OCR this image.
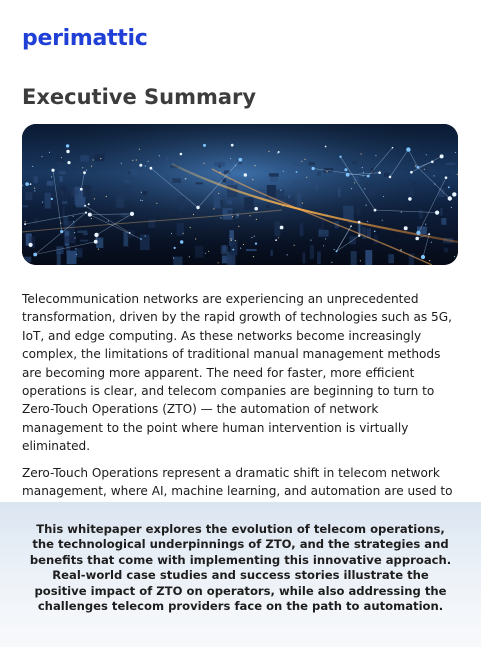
perimattic
Executive Summary

Telecommunication networks are experiencing an unprecedented transformation, driven by the rapid growth of technologies such as 5G, IoT, and edge computing. As these networks become increasingly complex, the limitations of traditional manual management methods are becoming more apparent. The need for faster, more efficient operations is clear, and telecom companies are beginning to turn to Zero-Touch Operations (ZTO) — the automation of network management to the point where human intervention is virtually eliminated.

Zero-Touch Operations represent a dramatic shift in telecom network management, where AI, machine learning, and automation are used to

This whitepaper explores the evolution of telecom operations, the technological underpinnings of ZTO, and the strategies and benefits that come with implementing this innovative approach. Real-world case studies and success stories illustrate the positive impact of ZTO on operators, while also addressing the challenges telecom providers face on the path to automation.
